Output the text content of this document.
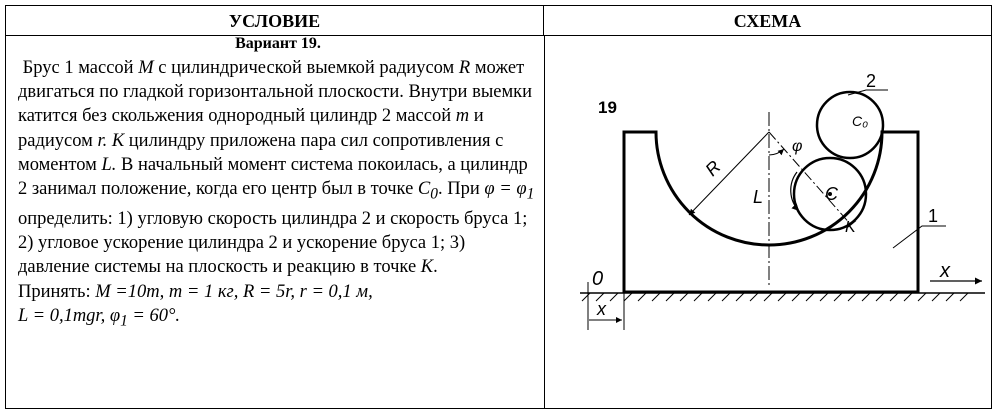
УСЛОВИЕ	СХЕМА
Вариант 19.

Брус 1 массой M с цилиндрической выемкой радиусом R может двигаться по гладкой горизонтальной плоскости. Внутри выемки катится без скольжения однородный цилиндр 2 массой m и радиусом r. К цилиндру приложена пара сил сопротивления с моментом L. В начальный момент система покоилась, а цилиндр 2 занимал положение, когда его центр был в точке $C_0$. При $\varphi = \varphi_1$ определить: 1) угловую скорость цилиндра 2 и скорость бруса 1; 2) угловое ускорение цилиндра 2 и ускорение бруса 1; 3) давление системы на плоскость и реакцию в точке K.

Принять: M =10m, m = 1 кг, R = 5r, r = 0,1 м,
L = 0,1mgr, $\varphi_1 = 60^\circ$.

19
x
0
x
R
φ
C
L
C₀
K
2
1
